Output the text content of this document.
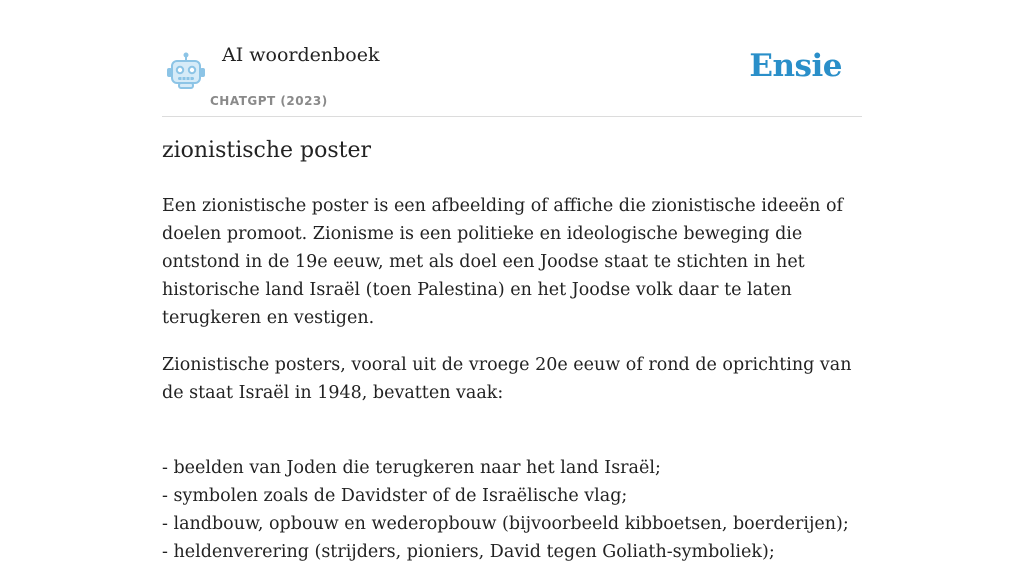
AI woordenboek
CHATGPT (2023)
Ensie
zionistische poster

Een zionistische poster is een afbeelding of affiche die zionistische ideeën of doelen promoot. Zionisme is een politieke en ideologische beweging die ontstond in de 19e eeuw, met als doel een Joodse staat te stichten in het historische land Israël (toen Palestina) en het Joodse volk daar te laten terugkeren en vestigen.

Zionistische posters, vooral uit de vroege 20e eeuw of rond de oprichting van de staat Israël in 1948, bevatten vaak:

- beelden van Joden die terugkeren naar het land Israël;
- symbolen zoals de Davidster of de Israëlische vlag;
- landbouw, opbouw en wederopbouw (bijvoorbeeld kibboetsen, boerderijen);
- heldenverering (strijders, pioniers, David tegen Goliath-symboliek);
